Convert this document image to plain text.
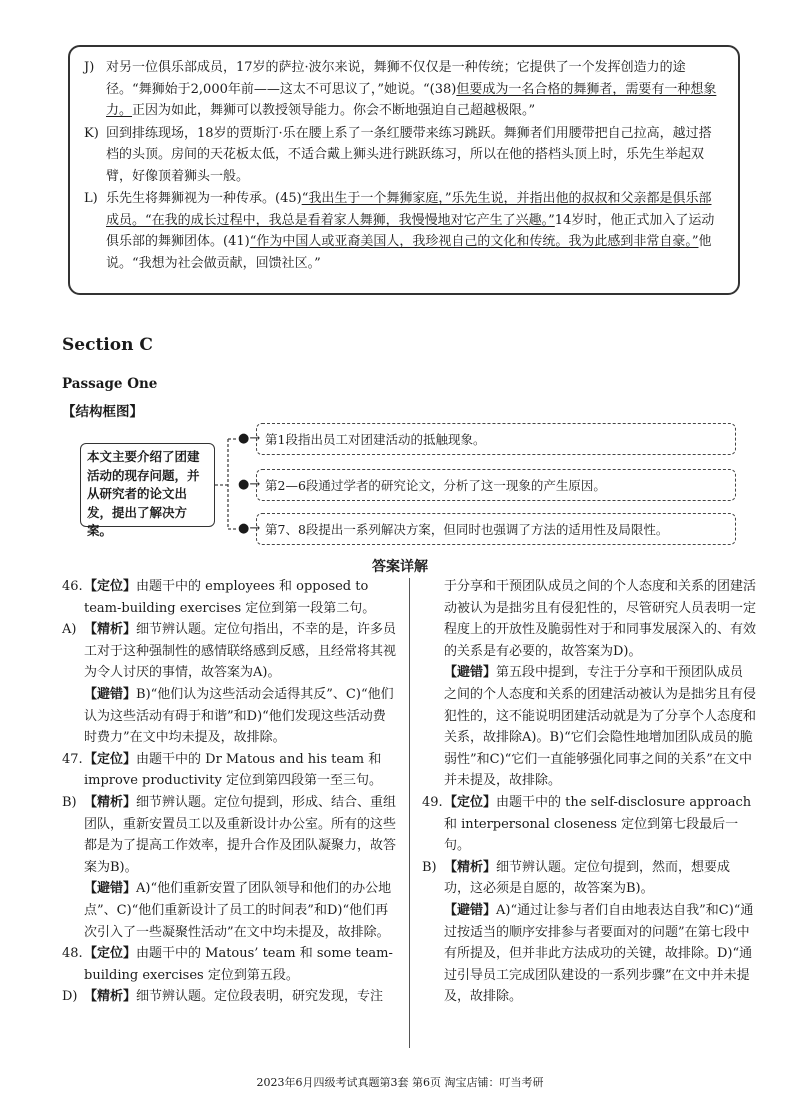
J) 对另一位俱乐部成员，17岁的萨拉·波尔来说，舞狮不仅仅是一种传统；它提供了一个发挥创造力的途径。“舞狮始于2,000年前——这太不可思议了，”她说。“(38)但要成为一名合格的舞狮者，需要有一种想象力。正因为如此，舞狮可以教授领导能力。你会不断地强迫自己超越极限。”
K) 回到排练现场，18岁的贾斯汀·乐在腰上系了一条红腰带来练习跳跃。舞狮者们用腰带把自己拉高，越过搭档的头顶。房间的天花板太低，不适合戴上狮头进行跳跃练习，所以在他的搭档头顶上时，乐先生举起双臂，好像顶着狮头一般。
L) 乐先生将舞狮视为一种传承。(45)“我出生于一个舞狮家庭，”乐先生说，并指出他的叔叔和父亲都是俱乐部成员。“在我的成长过程中，我总是看着家人舞狮，我慢慢地对它产生了兴趣。”14岁时，他正式加入了运动俱乐部的舞狮团体。(41)“作为中国人或亚裔美国人，我珍视自己的文化和传统。我为此感到非常自豪。”他说。“我想为社会做贡献，回馈社区。”
Section C
Passage One
【结构框图】
本文主要介绍了团建活动的现存问题，并从研究者的论文出发，提出了解决方案。
●→
●→
●→
第1段指出员工对团建活动的抵触现象。
第2—6段通过学者的研究论文，分析了这一现象的产生原因。
第7、8段提出一系列解决方案，但同时也强调了方法的适用性及局限性。
答案详解
46. 【定位】由题干中的 employees 和 opposed to team-building exercises 定位到第一段第二句。
A) 【精析】细节辨认题。定位句指出，不幸的是，许多员工对于这种强制性的感情联络感到反感，且经常将其视为令人讨厌的事情，故答案为A)。
【避错】B)“他们认为这些活动会适得其反”、C)“他们认为这些活动有碍于和谐”和D)“他们发现这些活动费时费力”在文中均未提及，故排除。
47. 【定位】由题干中的 Dr Matous and his team 和 improve productivity 定位到第四段第一至三句。
B) 【精析】细节辨认题。定位句提到，形成、结合、重组团队，重新安置员工以及重新设计办公室。所有的这些都是为了提高工作效率，提升合作及团队凝聚力，故答案为B)。
【避错】A)“他们重新安置了团队领导和他们的办公地点”、C)“他们重新设计了员工的时间表”和D)“他们再次引入了一些凝聚性活动”在文中均未提及，故排除。
48. 【定位】由题干中的 Matous’ team 和 some team-building exercises 定位到第五段。
D) 【精析】细节辨认题。定位段表明，研究发现，专注
于分享和干预团队成员之间的个人态度和关系的团建活动被认为是拙劣且有侵犯性的，尽管研究人员表明一定程度上的开放性及脆弱性对于和同事发展深入的、有效的关系是有必要的，故答案为D)。
【避错】第五段中提到，专注于分享和干预团队成员之间的个人态度和关系的团建活动被认为是拙劣且有侵犯性的，这不能说明团建活动就是为了分享个人态度和关系，故排除A)。B)“它们会隐性地增加团队成员的脆弱性”和C)“它们一直能够强化同事之间的关系”在文中并未提及，故排除。
49. 【定位】由题干中的 the self-disclosure approach 和 interpersonal closeness 定位到第七段最后一句。
B) 【精析】细节辨认题。定位句提到，然而，想要成功，这必须是自愿的，故答案为B)。
【避错】A)“通过让参与者们自由地表达自我”和C)“通过按适当的顺序安排参与者要面对的问题”在第七段中有所提及，但并非此方法成功的关键，故排除。D)“通过引导员工完成团队建设的一系列步骤”在文中并未提及，故排除。
2023年6月四级考试真题第3套 第6页 淘宝店铺：叮当考研
